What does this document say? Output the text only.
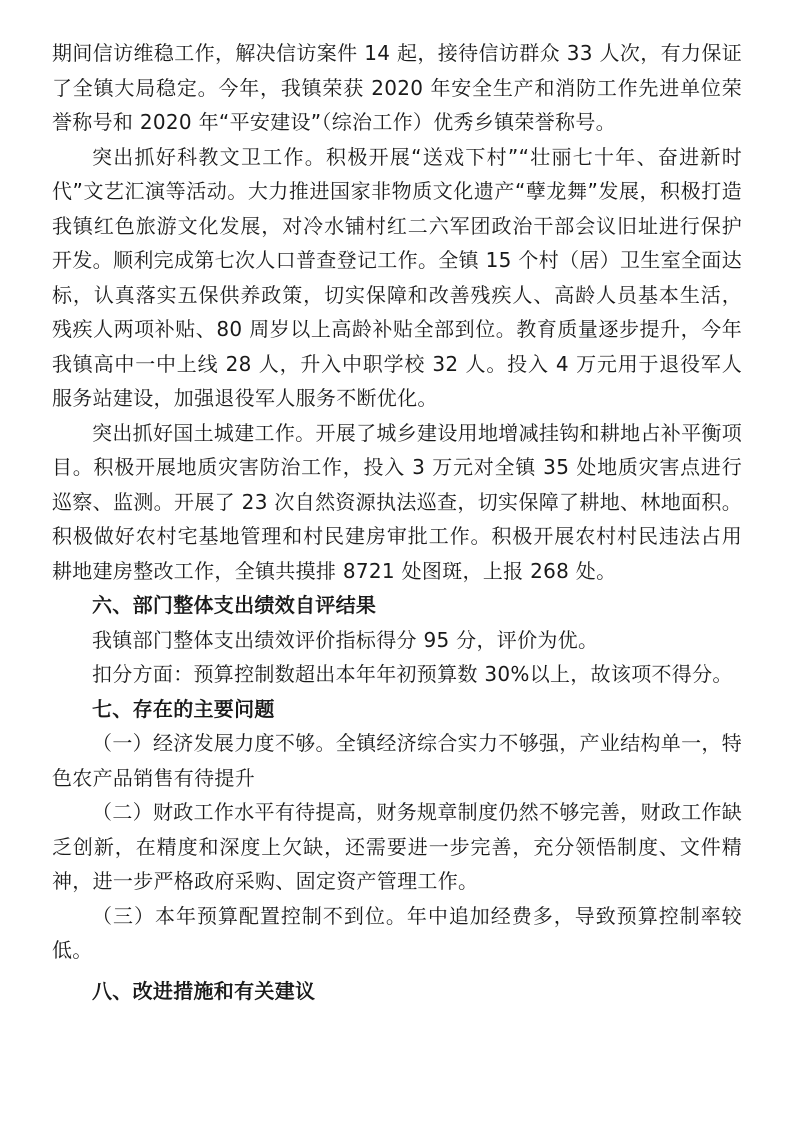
期间信访维稳工作，解决信访案件 14 起，接待信访群众 33 人次，有力保证了全镇大局稳定。今年，我镇荣获 2020 年安全生产和消防工作先进单位荣誉称号和 2020 年“平安建设”（综治工作）优秀乡镇荣誉称号。

突出抓好科教文卫工作。积极开展“送戏下村”“壮丽七十年、奋进新时代”文艺汇演等活动。大力推进国家非物质文化遗产“孽龙舞”发展，积极打造我镇红色旅游文化发展，对冷水铺村红二六军团政治干部会议旧址进行保护开发。顺利完成第七次人口普查登记工作。全镇 15 个村（居）卫生室全面达标，认真落实五保供养政策，切实保障和改善残疾人、高龄人员基本生活，残疾人两项补贴、80 周岁以上高龄补贴全部到位。教育质量逐步提升，今年我镇高中一中上线 28 人，升入中职学校 32 人。投入 4 万元用于退役军人服务站建设，加强退役军人服务不断优化。

突出抓好国土城建工作。开展了城乡建设用地增减挂钩和耕地占补平衡项目。积极开展地质灾害防治工作，投入 3 万元对全镇 35 处地质灾害点进行巡察、监测。开展了 23 次自然资源执法巡查，切实保障了耕地、林地面积。积极做好农村宅基地管理和村民建房审批工作。积极开展农村村民违法占用耕地建房整改工作，全镇共摸排 8721 处图斑，上报 268 处。

六、部门整体支出绩效自评结果

我镇部门整体支出绩效评价指标得分 95 分，评价为优。

扣分方面：预算控制数超出本年年初预算数 30%以上，故该项不得分。

七、存在的主要问题

（一）经济发展力度不够。全镇经济综合实力不够强，产业结构单一，特色农产品销售有待提升

（二）财政工作水平有待提高，财务规章制度仍然不够完善，财政工作缺乏创新，在精度和深度上欠缺，还需要进一步完善，充分领悟制度、文件精神，进一步严格政府采购、固定资产管理工作。

（三）本年预算配置控制不到位。年中追加经费多，导致预算控制率较低。

八、改进措施和有关建议
